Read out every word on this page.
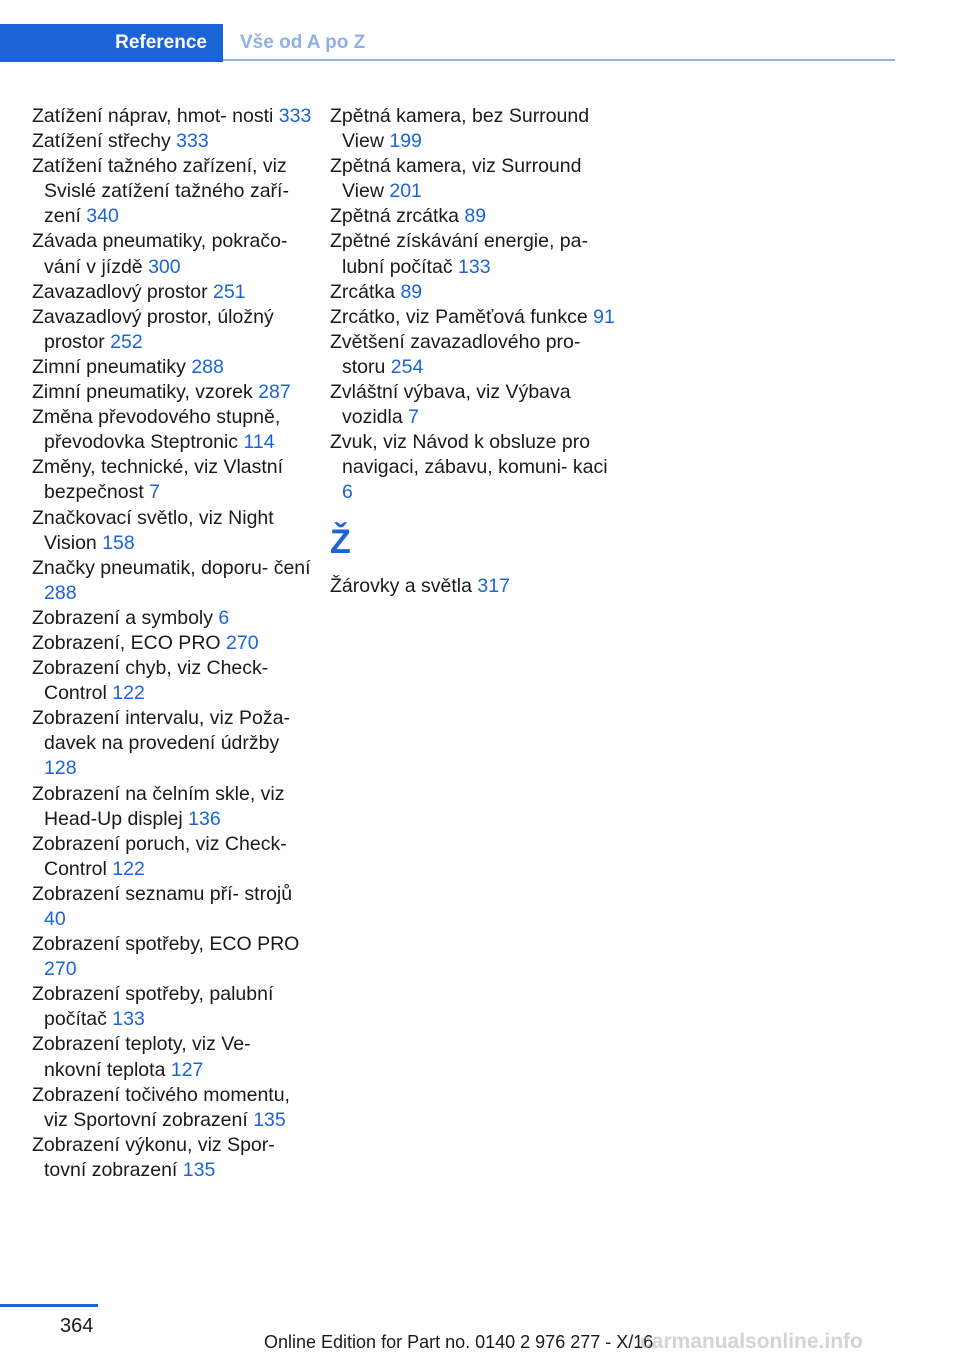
Reference	Vše od A po Z
Zatížení náprav, hmot- nosti 333
Zatížení střechy 333
Zatížení tažného zařízení, viz Svislé zatížení tažného zaří- zení 340
Závada pneumatiky, pokračo- vání v jízdě 300
Zavazadlový prostor 251
Zavazadlový prostor, úložný prostor 252
Zimní pneumatiky 288
Zimní pneumatiky, vzorek 287
Změna převodového stupně, převodovka Steptronic 114
Změny, technické, viz Vlastní bezpečnost 7
Značkovací světlo, viz Night Vision 158
Značky pneumatik, doporu- čení 288
Zobrazení a symboly 6
Zobrazení, ECO PRO 270
Zobrazení chyb, viz Check- Control 122
Zobrazení intervalu, viz Poža- davek na provedení údržby 128
Zobrazení na čelním skle, viz Head-Up displej 136
Zobrazení poruch, viz Check- Control 122
Zobrazení seznamu pří- strojů 40
Zobrazení spotřeby, ECO PRO 270
Zobrazení spotřeby, palubní počítač 133
Zobrazení teploty, viz Ve- nkovní teplota 127
Zobrazení točivého momentu, viz Sportovní zobrazení 135
Zobrazení výkonu, viz Spor- tovní zobrazení 135
Zpětná kamera, bez Surround View 199
Zpětná kamera, viz Surround View 201
Zpětná zrcátka 89
Zpětné získávání energie, pa- lubní počítač 133
Zrcátka 89
Zrcátko, viz Paměťová funkce 91
Zvětšení zavazadlového pro- storu 254
Zvláštní výbava, viz Výbava vozidla 7
Zvuk, viz Návod k obsluze pro navigaci, zábavu, komuni- kaci 6
Ž
Žárovky a světla 317
364
Online Edition for Part no. 0140 2 976 277 - X/16
carmanualsonline.info
